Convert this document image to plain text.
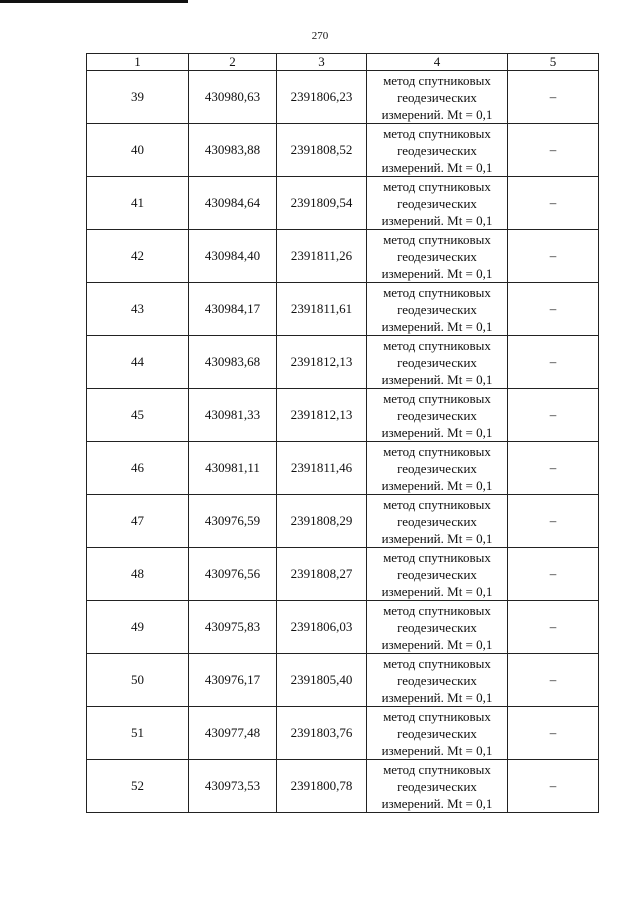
270
1	2	3	4	5
39	430980,63	2391806,23	метод спутниковых
геодезических
измерений. Mt = 0,1	–
40	430983,88	2391808,52	метод спутниковых
геодезических
измерений. Mt = 0,1	–
41	430984,64	2391809,54	метод спутниковых
геодезических
измерений. Mt = 0,1	–
42	430984,40	2391811,26	метод спутниковых
геодезических
измерений. Mt = 0,1	–
43	430984,17	2391811,61	метод спутниковых
геодезических
измерений. Mt = 0,1	–
44	430983,68	2391812,13	метод спутниковых
геодезических
измерений. Mt = 0,1	–
45	430981,33	2391812,13	метод спутниковых
геодезических
измерений. Mt = 0,1	–
46	430981,11	2391811,46	метод спутниковых
геодезических
измерений. Mt = 0,1	–
47	430976,59	2391808,29	метод спутниковых
геодезических
измерений. Mt = 0,1	–
48	430976,56	2391808,27	метод спутниковых
геодезических
измерений. Mt = 0,1	–
49	430975,83	2391806,03	метод спутниковых
геодезических
измерений. Mt = 0,1	–
50	430976,17	2391805,40	метод спутниковых
геодезических
измерений. Mt = 0,1	–
51	430977,48	2391803,76	метод спутниковых
геодезических
измерений. Mt = 0,1	–
52	430973,53	2391800,78	метод спутниковых
геодезических
измерений. Mt = 0,1	–
